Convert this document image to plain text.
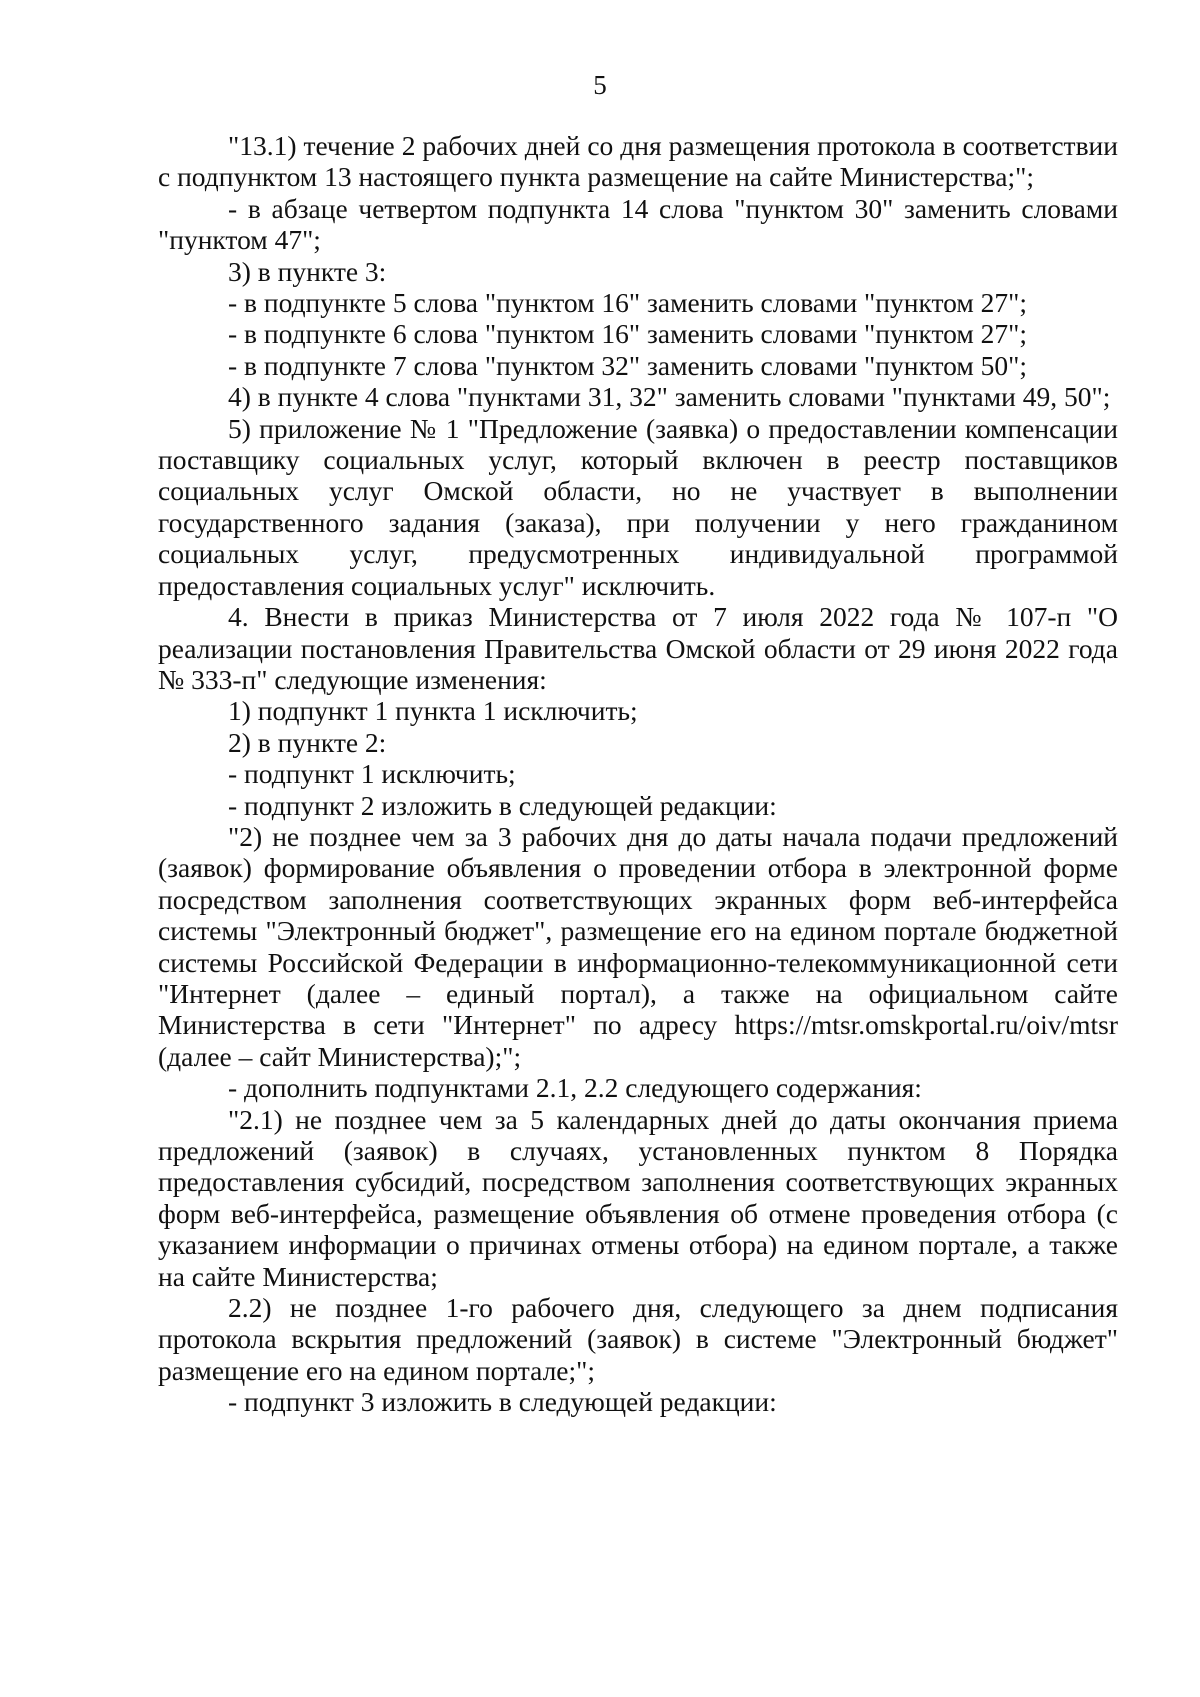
5

"13.1) течение 2 рабочих дней со дня размещения протокола в соответствии с подпунктом 13 настоящего пункта размещение на сайте Министерства;";

- в абзаце четвертом подпункта 14 слова "пунктом 30" заменить словами "пунктом 47";

3) в пункте 3:

- в подпункте 5 слова "пунктом 16" заменить словами "пунктом 27";

- в подпункте 6 слова "пунктом 16" заменить словами "пунктом 27";

- в подпункте 7 слова "пунктом 32" заменить словами "пунктом 50";

4) в пункте 4 слова "пунктами 31, 32" заменить словами "пунктами 49, 50";

5) приложение № 1 "Предложение (заявка) о предоставлении компенсации поставщику социальных услуг, который включен в реестр поставщиков социальных услуг Омской области, но не участвует в выполнении государственного задания (заказа), при получении у него гражданином социальных услуг, предусмотренных индивидуальной программой предоставления социальных услуг" исключить.

4. Внести в приказ Министерства от 7 июля 2022 года № 107-п "О реализации постановления Правительства Омской области от 29 июня 2022 года № 333-п" следующие изменения:

1) подпункт 1 пункта 1 исключить;

2) в пункте 2:

- подпункт 1 исключить;

- подпункт 2 изложить в следующей редакции:

"2) не позднее чем за 3 рабочих дня до даты начала подачи предложений (заявок) формирование объявления о проведении отбора в электронной форме посредством заполнения соответствующих экранных форм веб-интерфейса системы "Электронный бюджет", размещение его на едином портале бюджетной системы Российской Федерации в информационно-телекоммуникационной сети "Интернет (далее – единый портал), а также на официальном сайте Министерства в сети "Интернет" по адресу https://mtsr.omskportal.ru/oiv/mtsr (далее – сайт Министерства);";

- дополнить подпунктами 2.1, 2.2 следующего содержания:

"2.1) не позднее чем за 5 календарных дней до даты окончания приема предложений (заявок) в случаях, установленных пунктом 8 Порядка предоставления субсидий, посредством заполнения соответствующих экранных форм веб-интерфейса, размещение объявления об отмене проведения отбора (с указанием информации о причинах отмены отбора) на едином портале, а также на сайте Министерства;

2.2) не позднее 1-го рабочего дня, следующего за днем подписания протокола вскрытия предложений (заявок) в системе "Электронный бюджет" размещение его на едином портале;";

- подпункт 3 изложить в следующей редакции:
